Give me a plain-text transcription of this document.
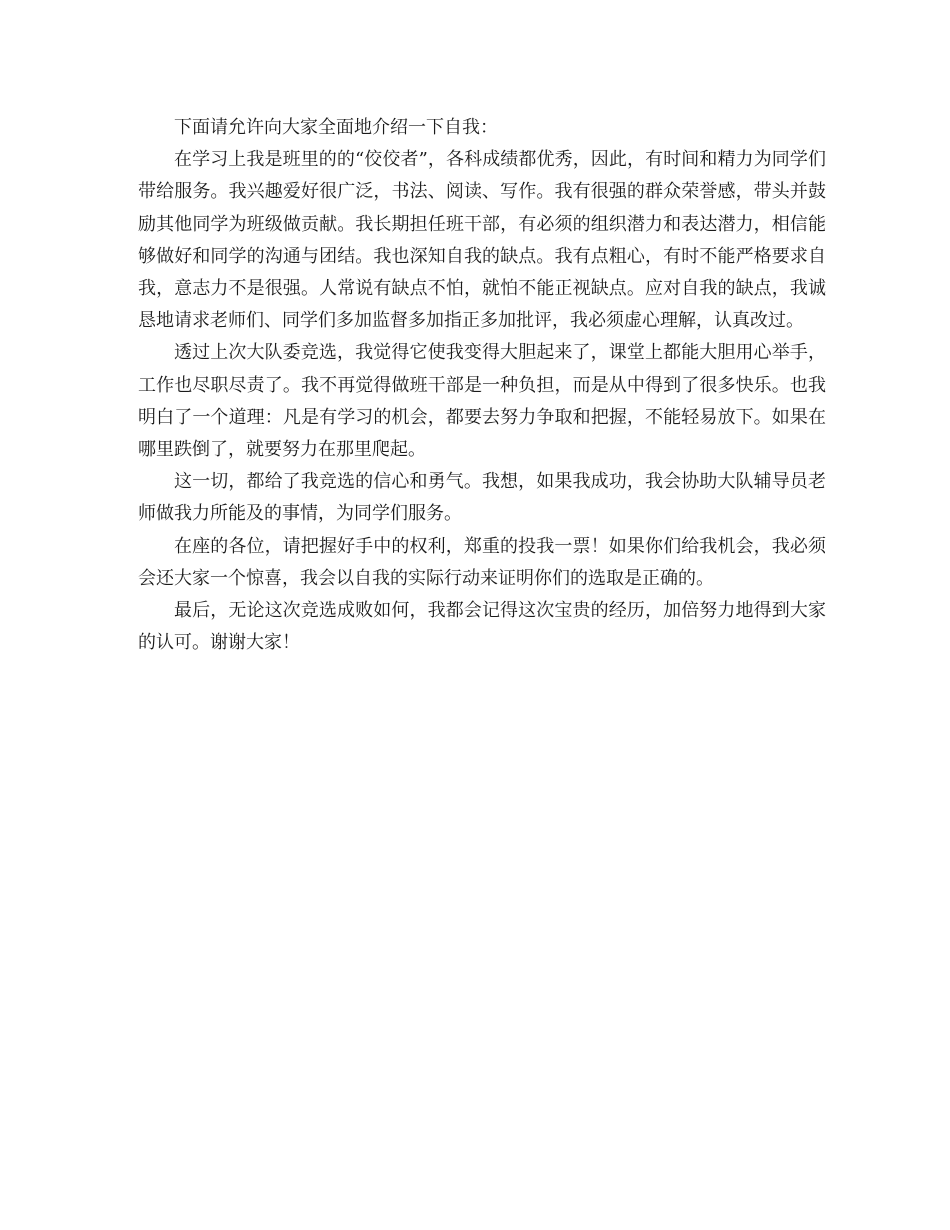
下面请允许向大家全面地介绍一下自我：

在学习上我是班里的的“佼佼者”，各科成绩都优秀，因此，有时间和精力为同学们带给服务。我兴趣爱好很广泛，书法、阅读、写作。我有很强的群众荣誉感，带头并鼓励其他同学为班级做贡献。我长期担任班干部，有必须的组织潜力和表达潜力，相信能够做好和同学的沟通与团结。我也深知自我的缺点。我有点粗心，有时不能严格要求自我，意志力不是很强。人常说有缺点不怕，就怕不能正视缺点。应对自我的缺点，我诚恳地请求老师们、同学们多加监督多加指正多加批评，我必须虚心理解，认真改过。

透过上次大队委竞选，我觉得它使我变得大胆起来了，课堂上都能大胆用心举手，工作也尽职尽责了。我不再觉得做班干部是一种负担，而是从中得到了很多快乐。也我明白了一个道理：凡是有学习的机会，都要去努力争取和把握，不能轻易放下。如果在哪里跌倒了，就要努力在那里爬起。

这一切，都给了我竞选的信心和勇气。我想，如果我成功，我会协助大队辅导员老师做我力所能及的事情，为同学们服务。

在座的各位，请把握好手中的权利，郑重的投我一票！如果你们给我机会，我必须会还大家一个惊喜，我会以自我的实际行动来证明你们的选取是正确的。

最后，无论这次竞选成败如何，我都会记得这次宝贵的经历，加倍努力地得到大家的认可。谢谢大家！
